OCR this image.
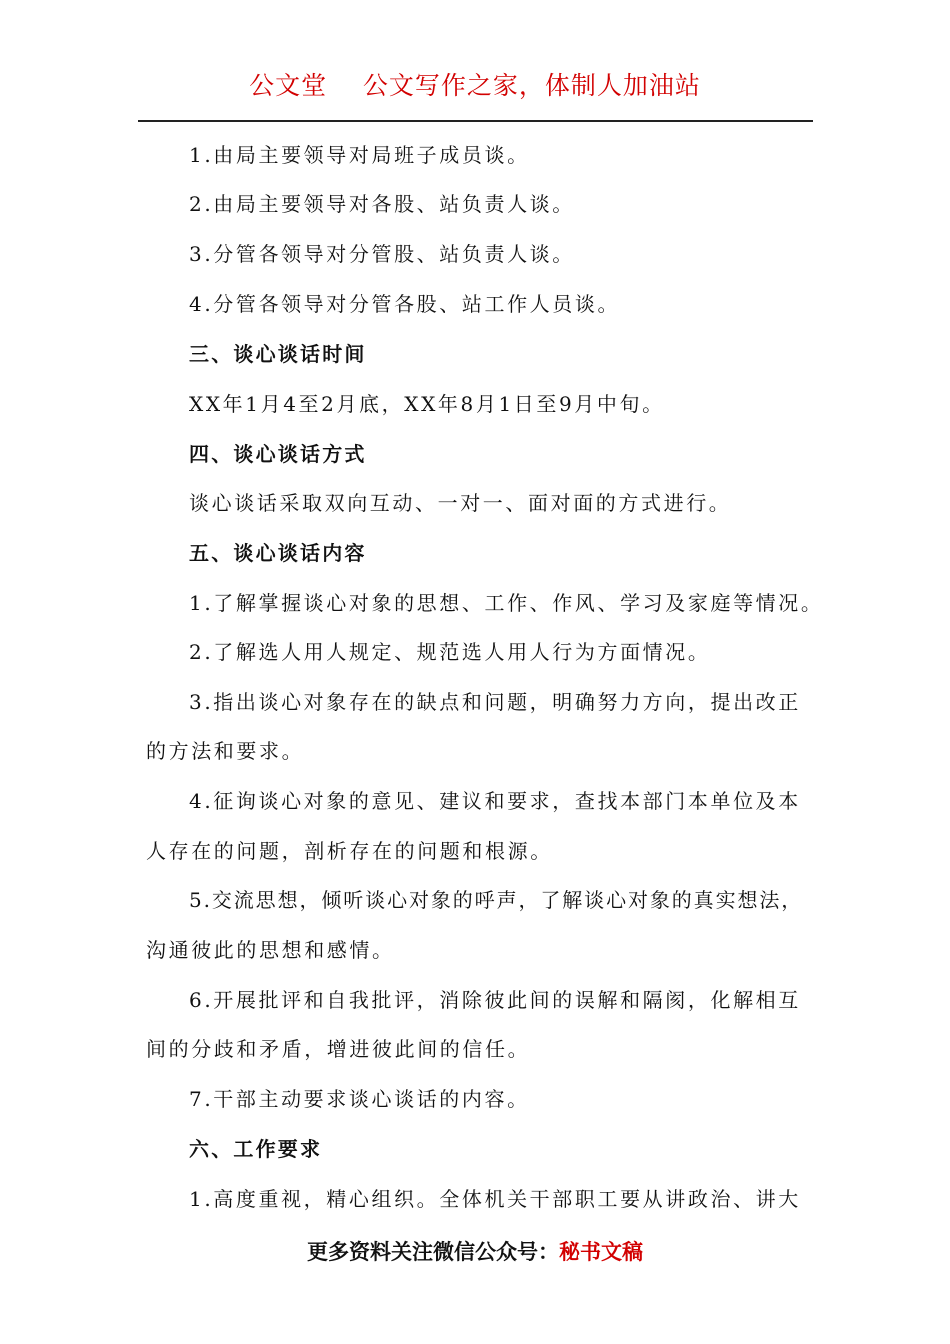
公文堂    公文写作之家，体制人加油站
1.由局主要领导对局班子成员谈。
2.由局主要领导对各股、站负责人谈。
3.分管各领导对分管股、站负责人谈。
4.分管各领导对分管各股、站工作人员谈。
三、谈心谈话时间
XX年1月4至2月底，XX年8月1日至9月中旬。
四、谈心谈话方式
谈心谈话采取双向互动、一对一、面对面的方式进行。
五、谈心谈话内容
1.了解掌握谈心对象的思想、工作、作风、学习及家庭等情况。
2.了解选人用人规定、规范选人用人行为方面情况。
3.指出谈心对象存在的缺点和问题，明确努力方向，提出改正
的方法和要求。
4.征询谈心对象的意见、建议和要求，查找本部门本单位及本
人存在的问题，剖析存在的问题和根源。
5.交流思想，倾听谈心对象的呼声，了解谈心对象的真实想法，
沟通彼此的思想和感情。
6.开展批评和自我批评，消除彼此间的误解和隔阂，化解相互
间的分歧和矛盾，增进彼此间的信任。
7.干部主动要求谈心谈话的内容。
六、工作要求
1.高度重视，精心组织。全体机关干部职工要从讲政治、讲大
更多资料关注微信公众号：秘书文稿
